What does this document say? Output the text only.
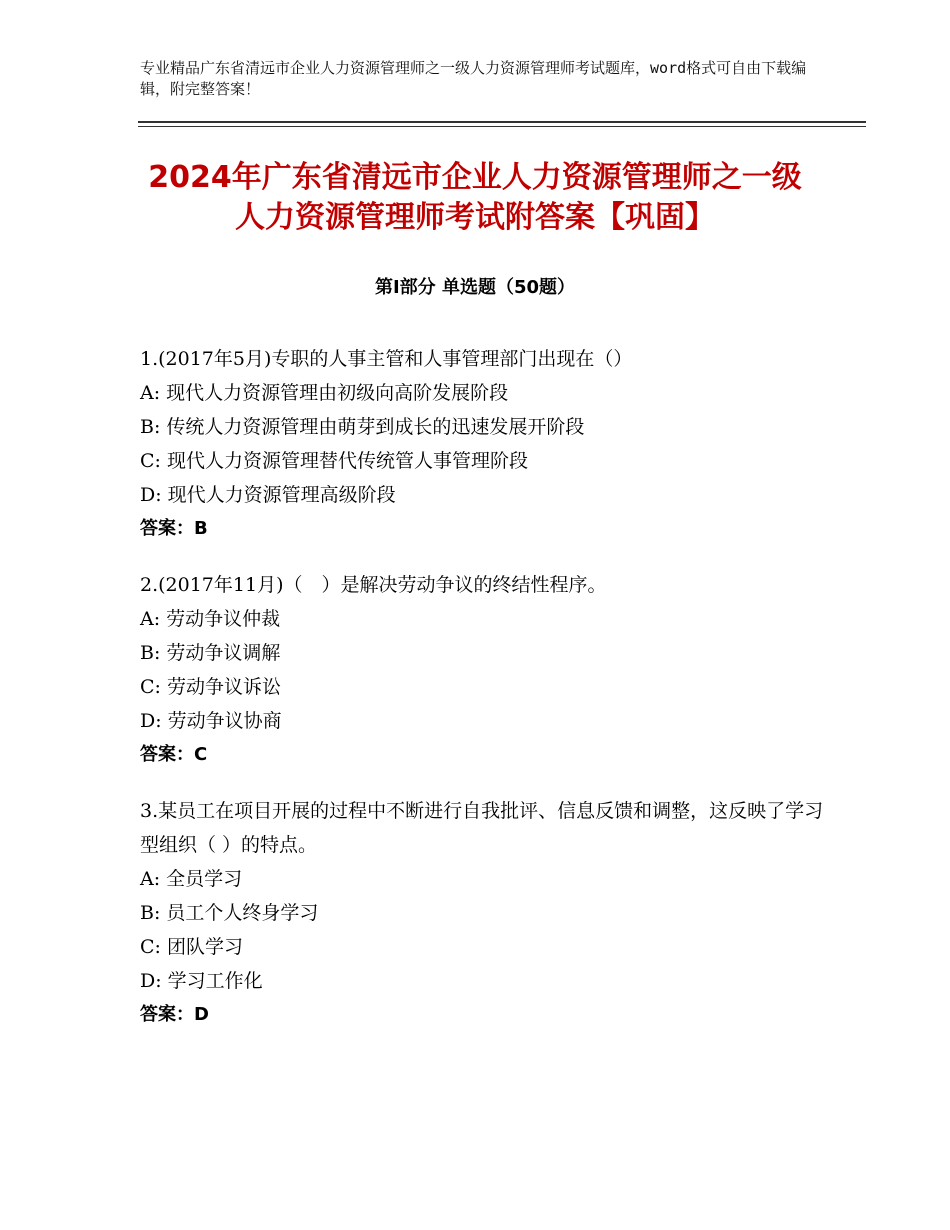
专业精品广东省清远市企业人力资源管理师之一级人力资源管理师考试题库，word格式可自由下载编辑，附完整答案！
2024年广东省清远市企业人力资源管理师之一级人力资源管理师考试附答案【巩固】
第Ⅰ部分 单选题（50题）
1.(2017年5月)专职的人事主管和人事管理部门出现在（）
A: 现代人力资源管理由初级向高阶发展阶段
B: 传统人力资源管理由萌芽到成长的迅速发展开阶段
C: 现代人力资源管理替代传统管人事管理阶段
D: 现代人力资源管理高级阶段
答案：B
2.(2017年11月)（　）是解决劳动争议的终结性程序。
A: 劳动争议仲裁
B: 劳动争议调解
C: 劳动争议诉讼
D: 劳动争议协商
答案：C
3.某员工在项目开展的过程中不断进行自我批评、信息反馈和调整，这反映了学习型组织（ ）的特点。
A: 全员学习
B: 员工个人终身学习
C: 团队学习
D: 学习工作化
答案：D
